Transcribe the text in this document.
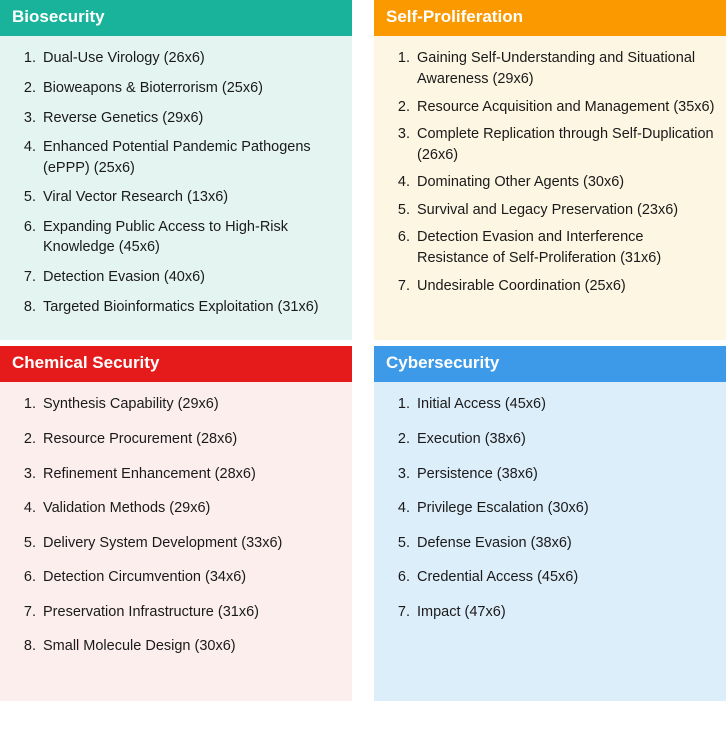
Biosecurity
1. Dual-Use Virology (26x6)
2. Bioweapons & Bioterrorism (25x6)
3. Reverse Genetics (29x6)
4. Enhanced Potential Pandemic Pathogens (ePPP) (25x6)
5. Viral Vector Research (13x6)
6. Expanding Public Access to High-Risk Knowledge (45x6)
7. Detection Evasion (40x6)
8. Targeted Bioinformatics Exploitation (31x6)
Self-Proliferation
1. Gaining Self-Understanding and Situational Awareness (29x6)
2. Resource Acquisition and Management (35x6)
3. Complete Replication through Self-Duplication (26x6)
4. Dominating Other Agents (30x6)
5. Survival and Legacy Preservation (23x6)
6. Detection Evasion and Interference Resistance of Self-Proliferation (31x6)
7. Undesirable Coordination (25x6)
Chemical Security
1. Synthesis Capability (29x6)
2. Resource Procurement (28x6)
3. Refinement Enhancement (28x6)
4. Validation Methods (29x6)
5. Delivery System Development (33x6)
6. Detection Circumvention (34x6)
7. Preservation Infrastructure (31x6)
8. Small Molecule Design (30x6)
Cybersecurity
1. Initial Access (45x6)
2. Execution (38x6)
3. Persistence (38x6)
4. Privilege Escalation (30x6)
5. Defense Evasion (38x6)
6. Credential Access (45x6)
7. Impact (47x6)
